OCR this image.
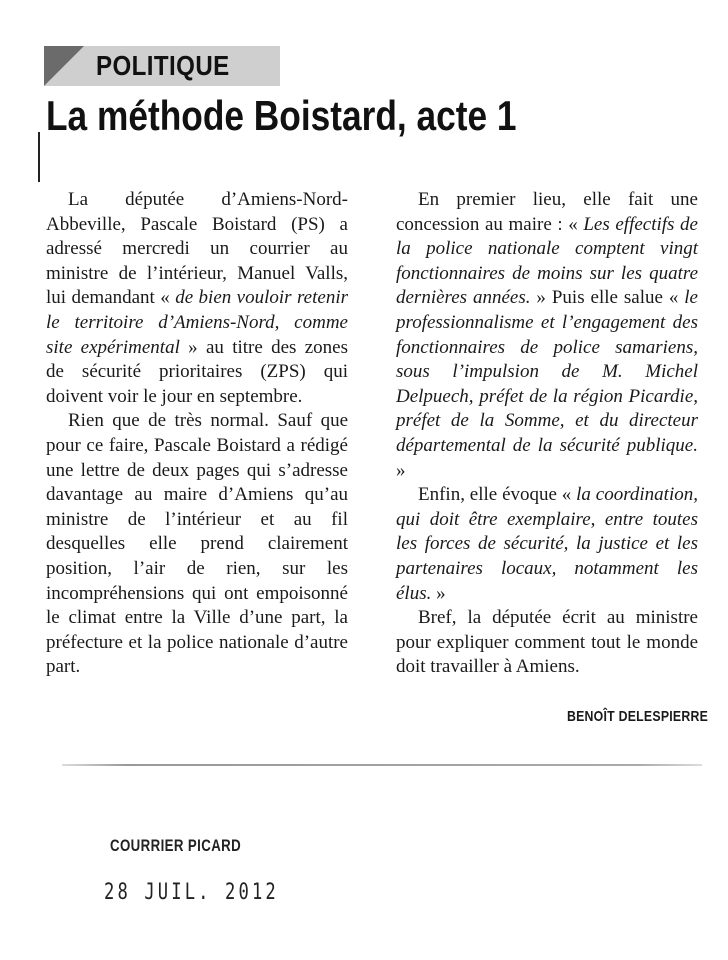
POLITIQUE
La méthode Boistard, acte 1

La députée d’Amiens-Nord-Abbeville, Pascale Boistard (PS) a adressé mercredi un courrier au ministre de l’intérieur, Manuel Valls, lui demandant « de bien vouloir retenir le territoire d’Amiens-Nord, comme site expérimental » au titre des zones de sécurité prioritaires (ZPS) qui doivent voir le jour en septembre.

Rien que de très normal. Sauf que pour ce faire, Pascale Boistard a rédigé une lettre de deux pages qui s’adresse davantage au maire d’Amiens qu’au ministre de l’intérieur et au fil desquelles elle prend clairement position, l’air de rien, sur les incompréhensions qui ont empoisonné le climat entre la Ville d’une part, la préfecture et la police nationale d’autre part.

En premier lieu, elle fait une concession au maire : « Les effectifs de la police nationale comptent vingt fonctionnaires de moins sur les quatre dernières années. » Puis elle salue « le professionnalisme et l’engagement des fonctionnaires de police samariens, sous l’impulsion de M. Michel Delpuech, préfet de la région Picardie, préfet de la Somme, et du directeur départemental de la sécurité publique. »

Enfin, elle évoque « la coordination, qui doit être exemplaire, entre toutes les forces de sécurité, la justice et les partenaires locaux, notamment les élus. »

Bref, la députée écrit au ministre pour expliquer comment tout le monde doit travailler à Amiens.

BENOÎT DELESPIERRE
COURRIER PICARD
28 JUIL. 2012
